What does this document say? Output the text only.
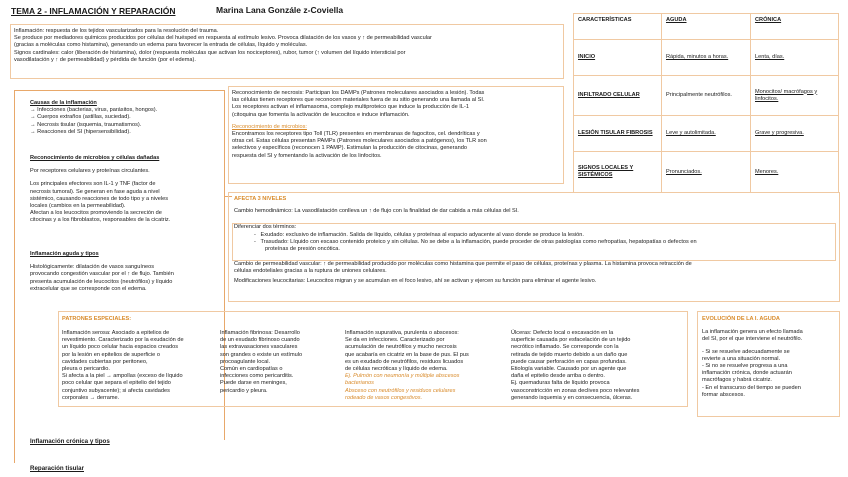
TEMA 2 - INFLAMACIÓN Y REPARACIÓN	Marina Lana Gonzále z-Coviella
Inflamación: respuesta de los tejidos vascularizados para la resolución del trauma.
Se produce por mediadores químicos producidos por células del huésped en respuesta al estímulo lesivo. Provoca dilatación de los vasos y ↑ de permeabilidad vascular
(gracias a moléculas como histamina), generando un edema para favorecer la entrada de células, líquido y moléculas.
Signos cardinales: calor (liberación de histamina), dolor (respuesta moléculas que activan los nociceptores), rubor, tumor (↑ volumen del líquido intersticial por
vasodilatación y ↑ de permeabilidad) y pérdida de función (por el edema).
Causas de la inflamación
→ Infecciones (bacterias, virus, parásitos, hongos).
→ Cuerpos extraños (astillas, suciedad).
→ Necrosis tisular (isquemia, traumatismos).
→ Reacciones del SI (hipersensibilidad).
Reconocimiento de microbios y células dañadas
Por receptores celulares y proteínas circulantes.
Los principales efectores son IL-1 y TNF (factor de
necrosis tumoral). Se generan en fase aguda a nivel
sistémico, causando reacciones de todo tipo y a niveles
locales (cambios en la permeabilidad).
Afectan a los leucocitos promoviendo la secreción de
citocinas y a los fibroblastos, responsables de la cicatriz.
Inflamación aguda y tipos
Histológicamente: dilatación de vasos sanguíneos
provocando congestión vascular por el ↑ de flujo. También
presenta acumulación de leucocitos (neutrófilos) y líquido
extracelular que se corresponde con el edema.
Reconocimiento de necrosis: Participan los DAMPs (Patrones moleculares asociados a lesión). Todas
las células tienen receptores que reconocen materiales fuera de su sitio generando una llamada al SI.
Los receptores activan el inflamasoma, complejo multiproteico que induce la producción de IL-1
(citoquina que fomenta la activación de leucocitos e induce inflamación.
Reconocimiento de microbios:
Encontramos los receptores tipo Toll (TLR) presentes en membranas de fagocitos, cel. dendríticas y
otras cel. Estas células presentan PAMPs (Patrones moleculares asociados a patógenos), los TLR son
selectivos y específicos (reconocen 1 PAMP). Estimulan la producción de citocinas, generando
respuesta del SI y fomentando la activación de los linfocitos.
CARACTERÍSTICAS	AGUDA	CRÓNICA
INICIO	Rápida, minutos a horas.	Lenta, días.
INFILTRADO CELULAR	Principalmente neutrófilos.	Monocitos/ macrófagos y linfocitos.
LESIÓN TISULAR FIBROSIS	Leve y autolimitada.	Grave y progresiva.
SIGNOS LOCALES Y SISTÉMICOS	Pronunciados.	Menores.
AFECTA 3 NIVELES
Cambio hemodinámico: La vasodilatación conlleva un ↑ de flujo con la finalidad de dar cabida a más células del SI.
Diferenciar dos términos:
-   Exudado: exclusivo de inflamación. Salida de líquido, células y proteínas al espacio adyacente al vaso donde se produce la lesión.
-   Trasudado: Líquido con escaso contenido proteico y sin células. No se debe a la inflamación, puede proceder de otras patologías como nefropatías, hepatopatías o defectos en
proteínas de presión oncótica.
Cambio de permeabilidad vascular: ↑ de permeabilidad producido por moléculas como histamina que permite el paso de células, proteínas y plasma. La histamina provoca retracción de
células endoteliales gracias a la ruptura de uniones celulares.
Modificaciones leucocitarias: Leucocitos migran y se acumulan en el foco lesivo, ahí se activan y ejercen su función para eliminar el agente lesivo.
PATRONES ESPECIALES:
Inflamación serosa: Asociado a epitelios de
revestimiento. Caracterizado por la exudación de
un líquido poco celular hacia espacios creados
por la lesión en epitelios de superficie o
cavidades cubiertas por peritoneo,
pleura o pericardio.
Si afecta a la piel → ampollas (exceso de líquido
poco celular que separa el epitelio del tejido
conjuntivo subyacente); si afecta cavidades
corporales → derrame.
Inflamación fibrinosa: Desarrollo
de un exudado fibrinoso cuando
las extravasaciones vasculares
son grandes o existe un estímulo
procoagulante local.
Común en cardiopatías o
infecciones como pericarditis.
Puede darse en meninges,
pericardio y pleura.
Inflamación supurativa, purulenta o abscesos:
Se da en infecciones. Caracterizado por
acumulación de neutrófilos y mucho necrosis
que acabaría en cicatriz en la base de pus. El pus
es un exudado de neutrófilos, residuos licuados
de células necróticas y líquido de edema.
Ej. Pulmón con neumonía y múltiple abscesos
bacterianos
Absceso con neutrófilos y residuos celulares
rodeado de vasos congestivos.
Úlceras: Defecto local o excavación en la
superficie causada por esfacelación de un tejido
necrótico inflamado. Se corresponde con la
retirada de tejido muerto debido a un daño que
puede causar perforación en capas profundas.
Etiología variable. Causado por un agente que
daña el epitelio desde arriba o dentro.
Ej. quemaduras falta de líquido provoca
vasoconstricción en zonas declives poco relevantes
generando isquemia y en consecuencia, úlceras.
EVOLUCIÓN DE LA I. AGUDA
La inflamación genera un efecto llamada
del SI, por el que interviene el neutrófilo.
- Si se resuelve adecuadamente se
revierte a una situación normal.
- Si no se resuelve progresa a una
inflamación crónica, donde actuarán
macrófagos y habrá cicatriz.
- En el transcurso del tiempo se pueden
formar abscesos.
Inflamación crónica y tipos
Reparación tisular
